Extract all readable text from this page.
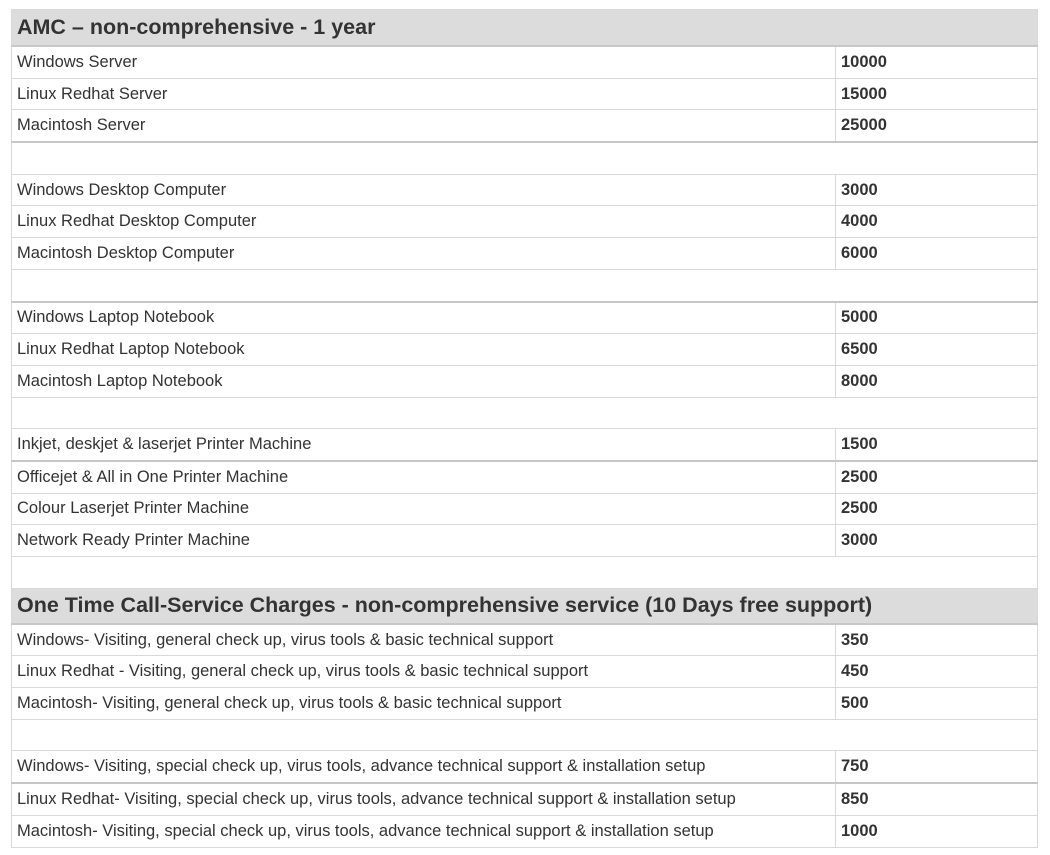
AMC – non-comprehensive - 1 year	
Windows Server	10000
Linux Redhat Server	15000
Macintosh Server	25000

Windows Desktop Computer	3000
Linux Redhat Desktop Computer	4000
Macintosh Desktop Computer	6000

Windows Laptop Notebook	5000
Linux Redhat Laptop Notebook	6500
Macintosh Laptop Notebook	8000

Inkjet, deskjet & laserjet Printer Machine	1500
Officejet & All in One Printer Machine	2500
Colour Laserjet Printer Machine	2500
Network Ready Printer Machine	3000

One Time Call-Service Charges - non-comprehensive service (10 Days free support)	
Windows- Visiting, general check up, virus tools & basic technical support	350
Linux Redhat - Visiting, general check up, virus tools & basic technical support	450
Macintosh- Visiting, general check up, virus tools & basic technical support	500

Windows- Visiting, special check up, virus tools, advance technical support & installation setup	750
Linux Redhat- Visiting, special check up, virus tools, advance technical support & installation setup	850
Macintosh- Visiting, special check up, virus tools, advance technical support & installation setup	1000
